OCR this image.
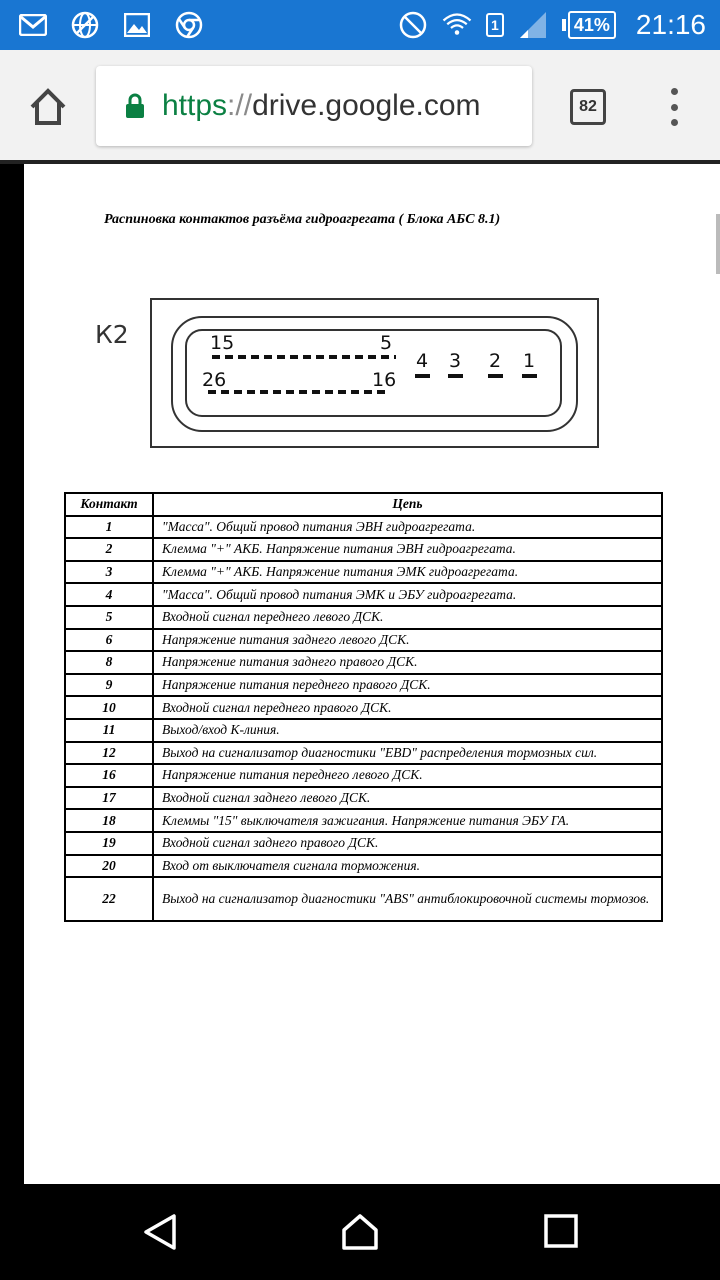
1	41% 21:16
https://drive.google.com	82
Распиновка контактов разъёма гидроагрегата ( Блока АБС 8.1)
К2	15	5
26	16
4 3 2 1
Контакт	Цепь
1	"Масса". Общий провод питания ЭВН гидроагрегата.
2	Клемма "+" АКБ. Напряжение питания ЭВН гидроагрегата.
3	Клемма "+" АКБ. Напряжение питания ЭМК гидроагрегата.
4	"Масса". Общий провод питания ЭМК и ЭБУ гидроагрегата.
5	Входной сигнал переднего левого ДСК.
6	Напряжение питания заднего левого ДСК.
8	Напряжение питания заднего правого ДСК.
9	Напряжение питания переднего правого ДСК.
10	Входной сигнал переднего правого ДСК.
11	Выход/вход К-линия.
12	Выход на сигнализатор диагностики "EBD" распределения тормозных сил.
16	Напряжение питания переднего левого ДСК.
17	Входной сигнал заднего левого ДСК.
18	Клеммы "15" выключателя зажигания. Напряжение питания ЭБУ ГА.
19	Входной сигнал заднего правого ДСК.
20	Вход от выключателя сигнала торможения.
22	Выход на сигнализатор диагностики "ABS" антиблокировочной системы тормозов.
